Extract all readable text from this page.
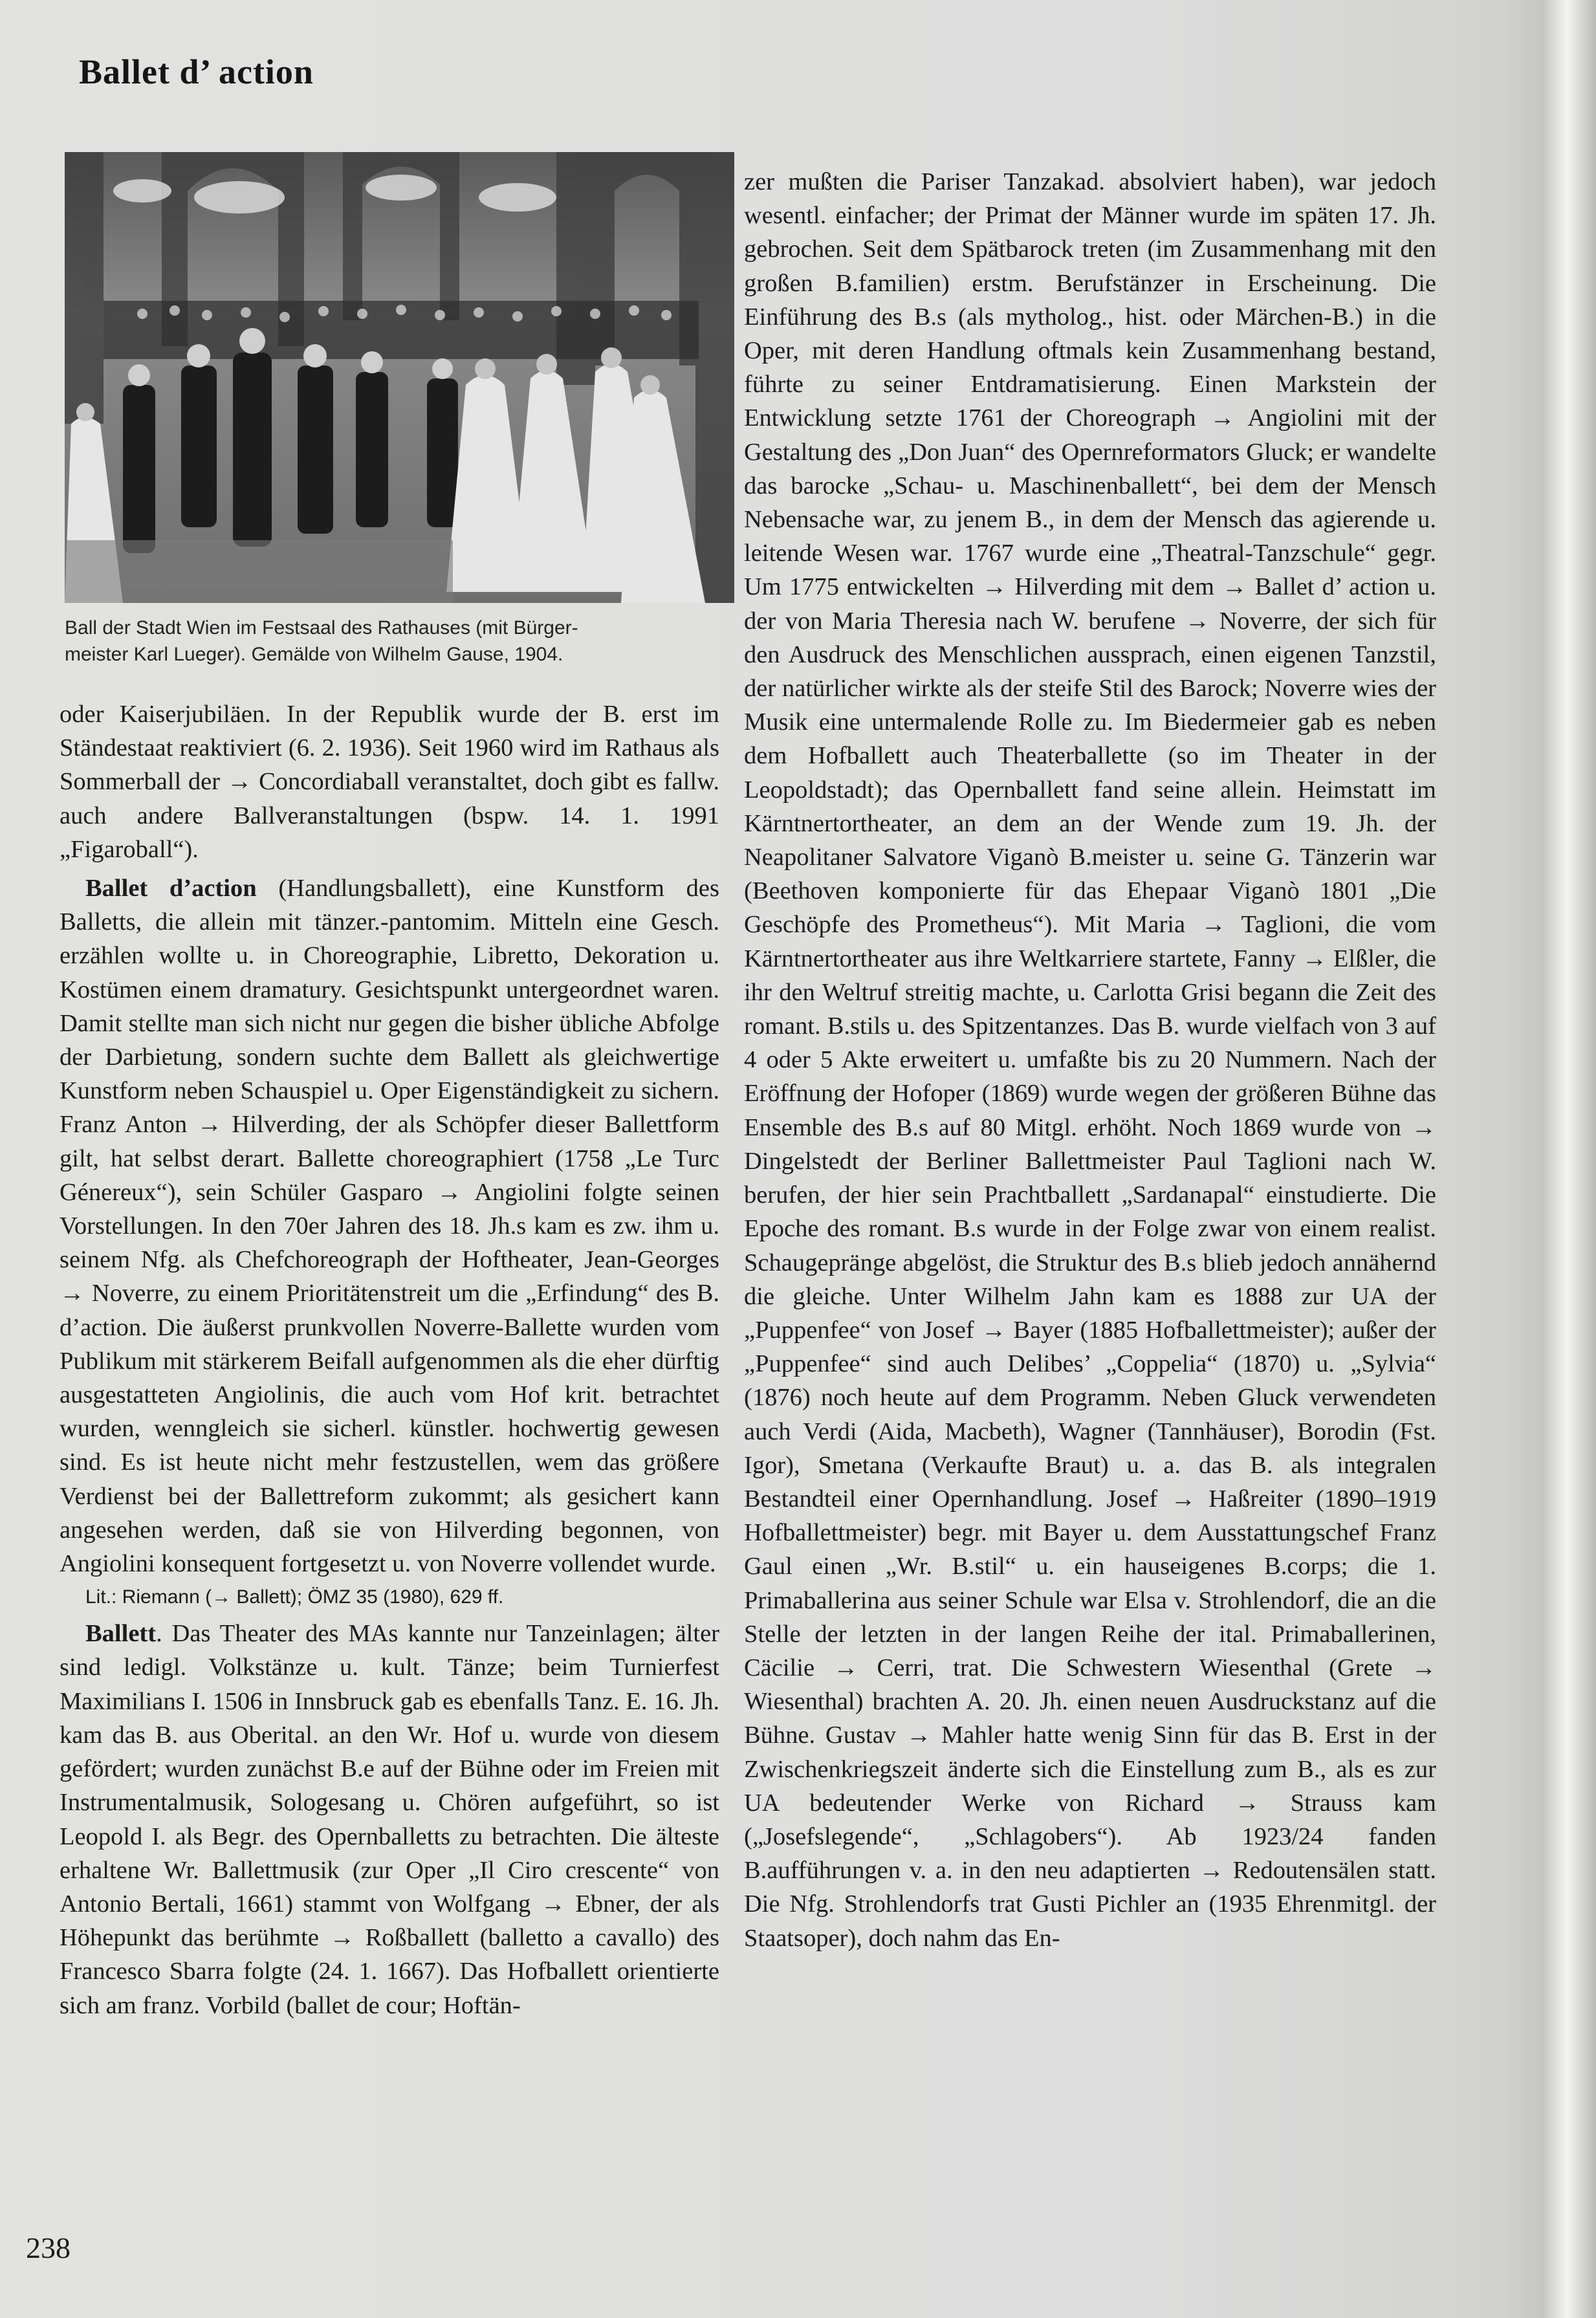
Ballet d’ action
Ball der Stadt Wien im Festsaal des Rathauses (mit Bürger-
meister Karl Lueger). Gemälde von Wilhelm Gause, 1904.

oder Kaiserjubiläen. In der Republik wurde der B. erst im Ständestaat reaktiviert (6. 2. 1936). Seit 1960 wird im Rathaus als Sommerball der → Concordiaball veranstaltet, doch gibt es fallw. auch andere Ballveranstaltungen (bspw. 14. 1. 1991 „Figaroball“).

Ballet d’action (Handlungsballett), eine Kunstform des Balletts, die allein mit tänzer.-pantomim. Mitteln eine Gesch. erzählen wollte u. in Choreographie, Libretto, Dekoration u. Kostümen einem dramatury. Gesichtspunkt untergeordnet waren. Damit stellte man sich nicht nur gegen die bisher übliche Abfolge der Darbietung, sondern suchte dem Ballett als gleichwertige Kunstform neben Schauspiel u. Oper Eigenständigkeit zu sichern. Franz Anton → Hilverding, der als Schöpfer dieser Ballettform gilt, hat selbst derart. Ballette choreographiert (1758 „Le Turc Génereux“), sein Schüler Gasparo → Angiolini folgte seinen Vorstellungen. In den 70er Jahren des 18. Jh.s kam es zw. ihm u. seinem Nfg. als Chefchoreograph der Hoftheater, Jean-Georges → Noverre, zu einem Prioritätenstreit um die „Erfindung“ des B. d’action. Die äußerst prunkvollen Noverre-Ballette wurden vom Publikum mit stärkerem Beifall aufgenommen als die eher dürftig ausgestatteten Angiolinis, die auch vom Hof krit. betrachtet wurden, wenngleich sie sicherl. künstler. hochwertig gewesen sind. Es ist heute nicht mehr festzustellen, wem das größere Verdienst bei der Ballettreform zukommt; als gesichert kann angesehen werden, daß sie von Hilverding begonnen, von Angiolini konsequent fortgesetzt u. von Noverre vollendet wurde.

Lit.: Riemann (→ Ballett); ÖMZ 35 (1980), 629 ff.

Ballett. Das Theater des MAs kannte nur Tanzeinlagen; älter sind ledigl. Volkstänze u. kult. Tänze; beim Turnierfest Maximilians I. 1506 in Innsbruck gab es ebenfalls Tanz. E. 16. Jh. kam das B. aus Oberital. an den Wr. Hof u. wurde von diesem gefördert; wurden zunächst B.e auf der Bühne oder im Freien mit Instrumentalmusik, Sologesang u. Chören aufgeführt, so ist Leopold I. als Begr. des Opernballetts zu betrachten. Die älteste erhaltene Wr. Ballettmusik (zur Oper „Il Ciro crescente“ von Antonio Bertali, 1661) stammt von Wolfgang → Ebner, der als Höhepunkt das berühmte → Roßballett (balletto a cavallo) des Francesco Sbarra folgte (24. 1. 1667). Das Hofballett orientierte sich am franz. Vorbild (ballet de cour; Hoftän-

zer mußten die Pariser Tanzakad. absolviert haben), war jedoch wesentl. einfacher; der Primat der Männer wurde im späten 17. Jh. gebrochen. Seit dem Spätbarock treten (im Zusammenhang mit den großen B.familien) erstm. Berufstänzer in Erscheinung. Die Einführung des B.s (als mytholog., hist. oder Märchen-B.) in die Oper, mit deren Handlung oftmals kein Zusammenhang bestand, führte zu seiner Entdramatisierung. Einen Markstein der Entwicklung setzte 1761 der Choreograph → Angiolini mit der Gestaltung des „Don Juan“ des Opernreformators Gluck; er wandelte das barocke „Schau- u. Maschinenballett“, bei dem der Mensch Nebensache war, zu jenem B., in dem der Mensch das agierende u. leitende Wesen war. 1767 wurde eine „Theatral-Tanzschule“ gegr. Um 1775 entwickelten → Hilverding mit dem → Ballet d’ action u. der von Maria Theresia nach W. berufene → Noverre, der sich für den Ausdruck des Menschlichen aussprach, einen eigenen Tanzstil, der natürlicher wirkte als der steife Stil des Barock; Noverre wies der Musik eine untermalende Rolle zu. Im Biedermeier gab es neben dem Hofballett auch Theaterballette (so im Theater in der Leopoldstadt); das Opernballett fand seine allein. Heimstatt im Kärntnertortheater, an dem an der Wende zum 19. Jh. der Neapolitaner Salvatore Viganò B.meister u. seine G. Tänzerin war (Beethoven komponierte für das Ehepaar Viganò 1801 „Die Geschöpfe des Prometheus“). Mit Maria → Taglioni, die vom Kärntnertortheater aus ihre Weltkarriere startete, Fanny → Elßler, die ihr den Weltruf streitig machte, u. Carlotta Grisi begann die Zeit des romant. B.stils u. des Spitzentanzes. Das B. wurde vielfach von 3 auf 4 oder 5 Akte erweitert u. umfaßte bis zu 20 Nummern. Nach der Eröffnung der Hofoper (1869) wurde wegen der größeren Bühne das Ensemble des B.s auf 80 Mitgl. erhöht. Noch 1869 wurde von → Dingelstedt der Berliner Ballettmeister Paul Taglioni nach W. berufen, der hier sein Prachtballett „Sardanapal“ einstudierte. Die Epoche des romant. B.s wurde in der Folge zwar von einem realist. Schaugepränge abgelöst, die Struktur des B.s blieb jedoch annähernd die gleiche. Unter Wilhelm Jahn kam es 1888 zur UA der „Puppenfee“ von Josef → Bayer (1885 Hofballettmeister); außer der „Puppenfee“ sind auch Delibes’ „Coppelia“ (1870) u. „Sylvia“ (1876) noch heute auf dem Programm. Neben Gluck verwendeten auch Verdi (Aida, Macbeth), Wagner (Tannhäuser), Borodin (Fst. Igor), Smetana (Verkaufte Braut) u. a. das B. als integralen Bestandteil einer Opernhandlung. Josef → Haßreiter (1890–1919 Hofballettmeister) begr. mit Bayer u. dem Ausstattungschef Franz Gaul einen „Wr. B.stil“ u. ein hauseigenes B.corps; die 1. Primaballerina aus seiner Schule war Elsa v. Strohlendorf, die an die Stelle der letzten in der langen Reihe der ital. Primaballerinen, Cäcilie → Cerri, trat. Die Schwestern Wiesenthal (Grete → Wiesenthal) brachten A. 20. Jh. einen neuen Ausdruckstanz auf die Bühne. Gustav → Mahler hatte wenig Sinn für das B. Erst in der Zwischenkriegszeit änderte sich die Einstellung zum B., als es zur UA bedeutender Werke von Richard → Strauss kam („Josefslegende“, „Schlagobers“). Ab 1923/24 fanden B.aufführungen v. a. in den neu adaptierten → Redoutensälen statt. Die Nfg. Strohlendorfs trat Gusti Pichler an (1935 Ehrenmitgl. der Staatsoper), doch nahm das En-

238
